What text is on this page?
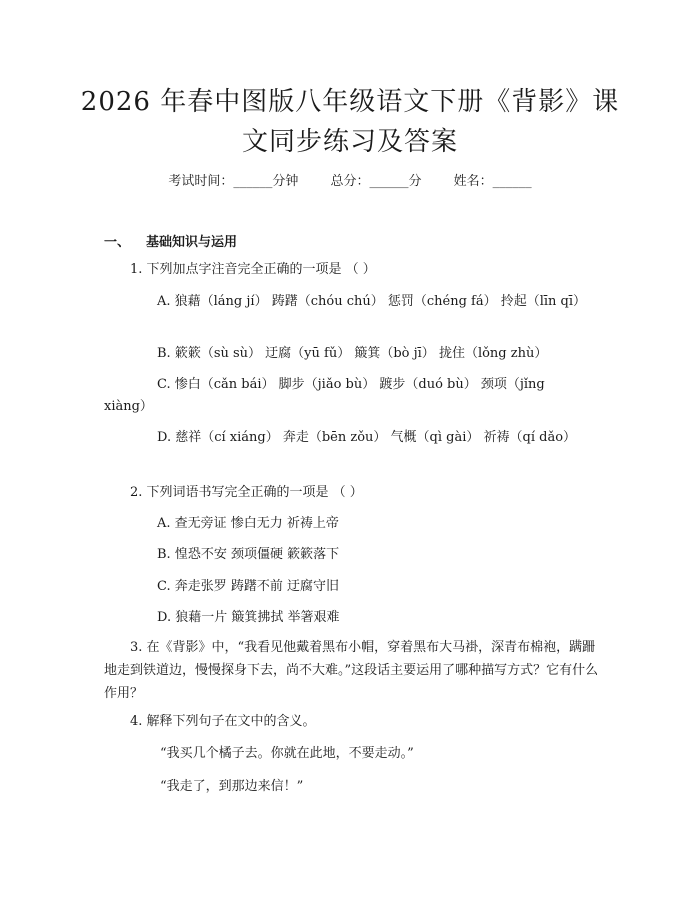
2026 年春中图版八年级语文下册《背影》课
文同步练习及答案
考试时间：______分钟 总分：______分 姓名：______
一、 基础知识与运用
1. 下列加点字注音完全正确的一项是 （ ）
A. 狼藉（láng jí） 踌躇（chóu chú） 惩罚（chéng fá） 拎起（līn qī）
B. 簌簌（sù sù） 迂腐（yū fǔ） 簸箕（bò jī） 拢住（lǒng zhù）
C. 惨白（cǎn bái） 脚步（jiǎo bù） 踱步（duó bù） 颈项（jǐng xiàng）
D. 慈祥（cí xiáng） 奔走（bēn zǒu） 气概（qì gài） 祈祷（qí dǎo）
2. 下列词语书写完全正确的一项是 （ ）
A. 查无旁证 惨白无力 祈祷上帝
B. 惶恐不安 颈项僵硬 簌簌落下
C. 奔走张罗 踌躇不前 迂腐守旧
D. 狼藉一片 簸箕拂拭 举箸艰难
3. 在《背影》中，“我看见他戴着黑布小帽，穿着黑布大马褂，深青布棉袍，蹒跚地走到铁道边，慢慢探身下去，尚不大难。”这段话主要运用了哪种描写方式？它有什么作用？
4. 解释下列句子在文中的含义。
“我买几个橘子去。你就在此地，不要走动。”
“我走了，到那边来信！”
